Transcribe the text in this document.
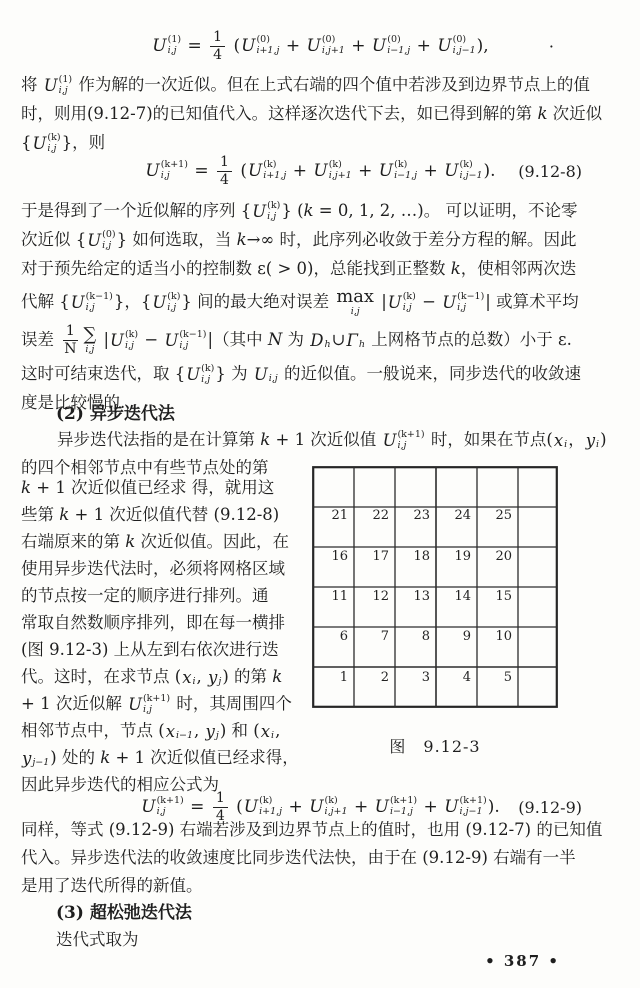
U (1)
$i,j = \frac{1}{4}$ ( U (0)
i+1,j + U (0)
i,j+1 + U (0)
i−1,j + U (0)
i,j−1 ),	·
将 U (1)
i,j 作为解的一次近似。但在上式右端的四个值中若涉及到边界节点上的值
时，则用(9.12-7)的已知值代入。这样逐次迭代下去，如已得到解的第 k 次近似
{ U (k)
i,j }，则
U (k+1)
i,j	= $\frac{1}{4}$ ( U (k)
i+1,j + U (k)
i,j+1 + U (k)
i−1,j + U (k)
i,j−1 ). (9.12-8)
于是得到了一个近似解的序列 { U (k)
i,j } (k = 0, 1, 2, …)。 可以证明，不论零
次近似 { U (0)
i,j } 如何选取，当 k→∞ 时，此序列必收敛于差分方程的解。因此
对于预先给定的适当小的控制数 ε( > 0)，总能找到正整数 k，使相邻两次迭
代解 { U (k−1)
i,j	}，{ U (k)
i,j } 间的最大绝对误差 max
i,j
| U (k)
i,j − U (k−1)
i,j	| 或算术平均
误差 $\frac{1}{N}$ ∑
i,j
| U (k)
i,j − U (k−1)
i,j	|（其中 N 为 D h ∪ Γ h 上网格节点的总数）小于 ε.
这时可结束迭代，取 { U (k)
i,j } 为 U i,j 的近似值。一般说来，同步迭代的收敛速
度是比较慢的.
(2) 异步迭代法
异步迭代法指的是在计算第 k + 1 次近似值 U (k+1)
i,j	时，如果在节点( x i ， y i )
的四个相邻节点中有些节点处的第
k + 1 次近似值已经求 得，就用这
些第 k + 1 次近似值代替 (9.12-8)
右端原来的第 k 次近似值。因此，在
使用异步迭代法时，必须将网格区域
的节点按一定的顺序进行排列。通
常取自然数顺序排列，即在每一横排
(图 9.12-3) 上从左到右依次进行迭
代。这时，在求节点 ( x i , y j ) 的第 k
+ 1 次近似解 U (k+1)
i,j	时，其周围四个
相邻节点中，节点 ( x i−1 , y j ) 和 ( x i ,
y j−1 ) 处的 k + 1 次近似值已经求得，
因此异步迭代的相应公式为
21	22	23	24	25
16	17	18	19	20
11	12	13	14	15
6	7	8	9	10
1	2	3	4	5
图　9.12-3
U (k+1)
i,j	= $\frac{1}{4}$ ( U (k)
i+1,j + U (k)
i,j+1 + U (k+1)
i−1,j + U (k+1)
i,j−1 ). (9.12-9)
同样，等式 (9.12-9) 右端若涉及到边界节点上的值时，也用 (9.12-7) 的已知值
代入。异步迭代法的收敛速度比同步迭代法快，由于在 (9.12-9) 右端有一半
是用了迭代所得的新值。
(3) 超松弛迭代法
迭代式取为
• 387 •
